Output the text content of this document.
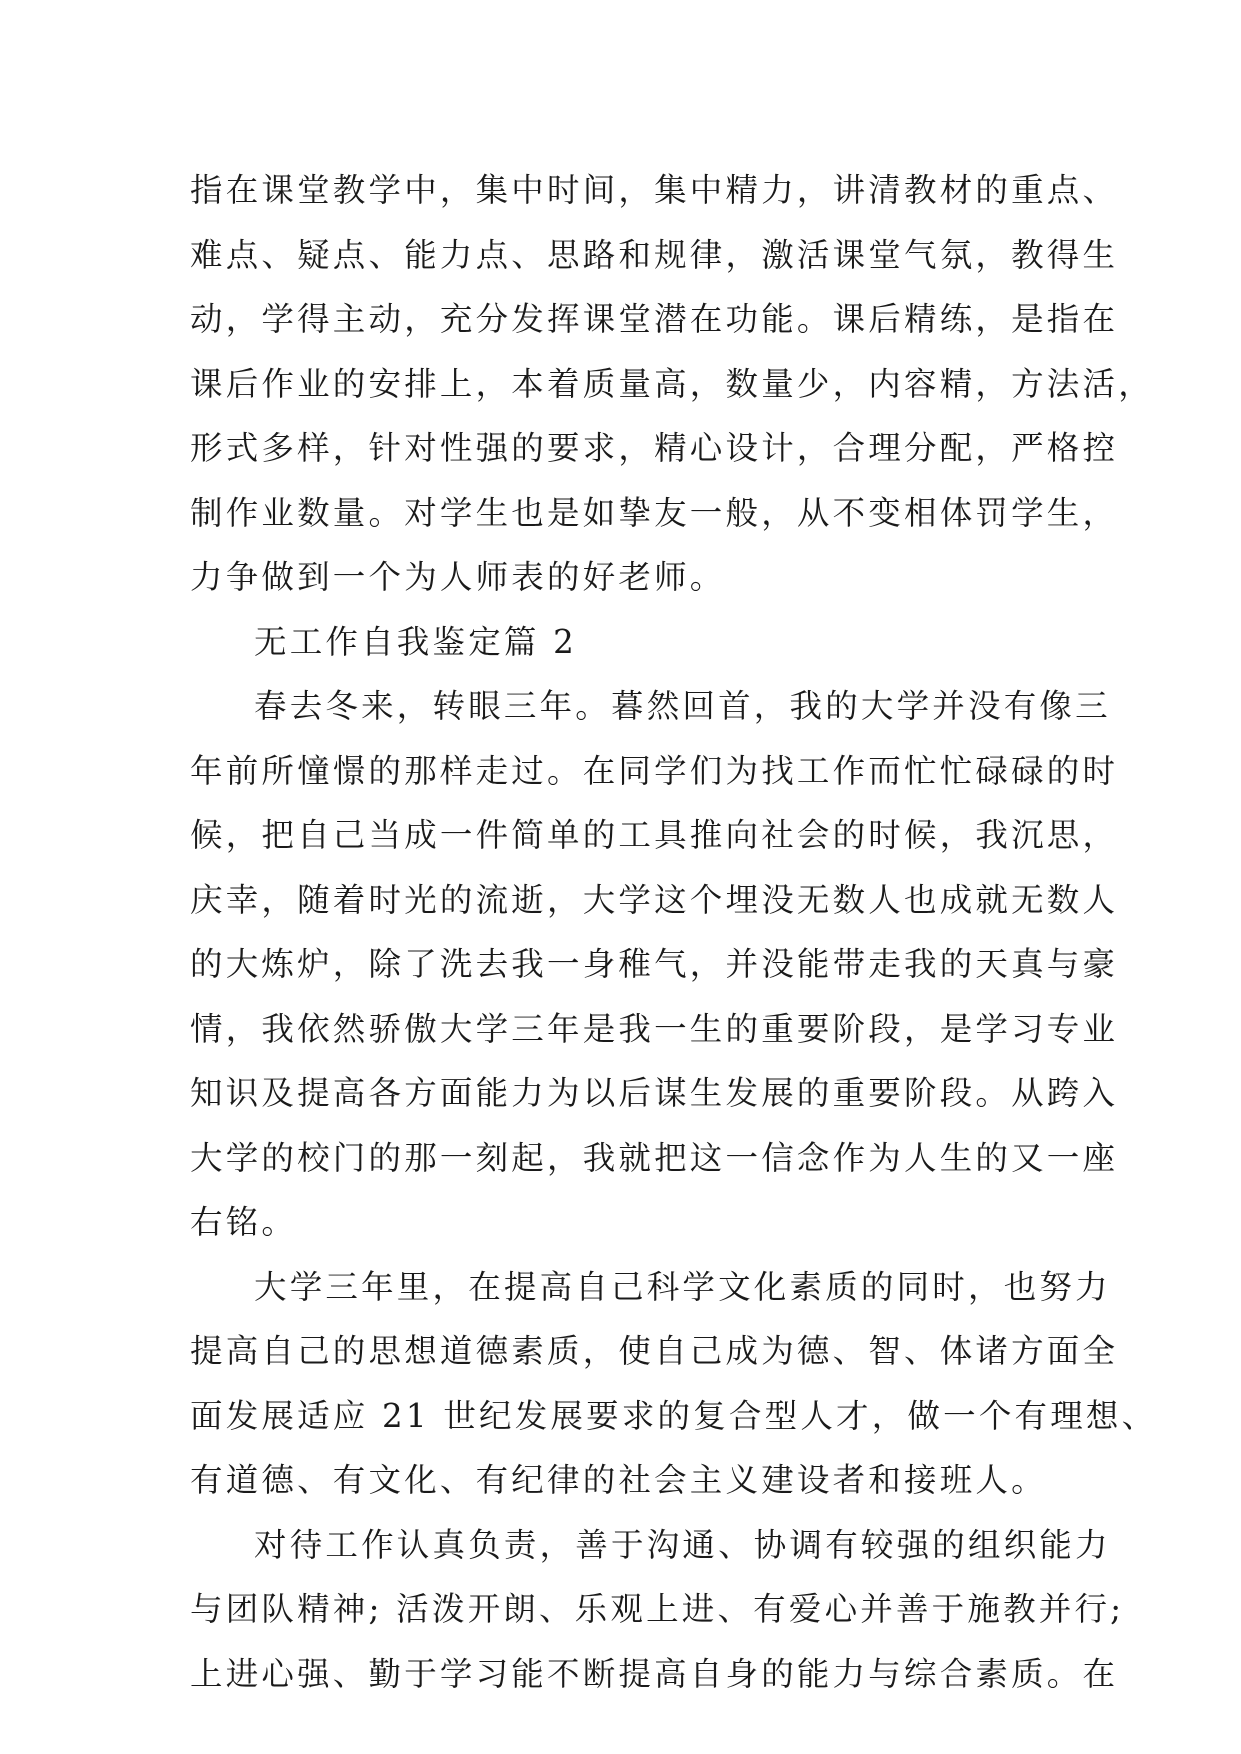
指在课堂教学中，集中时间，集中精力，讲清教材的重点、
难点、疑点、能力点、思路和规律，激活课堂气氛，教得生
动，学得主动，充分发挥课堂潜在功能。课后精练，是指在
课后作业的安排上，本着质量高，数量少，内容精，方法活，
形式多样，针对性强的要求，精心设计，合理分配，严格控
制作业数量。对学生也是如挚友一般，从不变相体罚学生，
力争做到一个为人师表的好老师。
无工作自我鉴定篇 2
春去冬来，转眼三年。暮然回首，我的大学并没有像三
年前所憧憬的那样走过。在同学们为找工作而忙忙碌碌的时
候，把自己当成一件简单的工具推向社会的时候，我沉思，
庆幸，随着时光的流逝，大学这个埋没无数人也成就无数人
的大炼炉，除了洗去我一身稚气，并没能带走我的天真与豪
情，我依然骄傲大学三年是我一生的重要阶段，是学习专业
知识及提高各方面能力为以后谋生发展的重要阶段。从跨入
大学的校门的那一刻起，我就把这一信念作为人生的又一座
右铭。
大学三年里，在提高自己科学文化素质的同时，也努力
提高自己的思想道德素质，使自己成为德、智、体诸方面全
面发展适应 21 世纪发展要求的复合型人才，做一个有理想、
有道德、有文化、有纪律的社会主义建设者和接班人。
对待工作认真负责，善于沟通、协调有较强的组织能力
与团队精神; 活泼开朗、乐观上进、有爱心并善于施教并行;
上进心强、勤于学习能不断提高自身的能力与综合素质。在
